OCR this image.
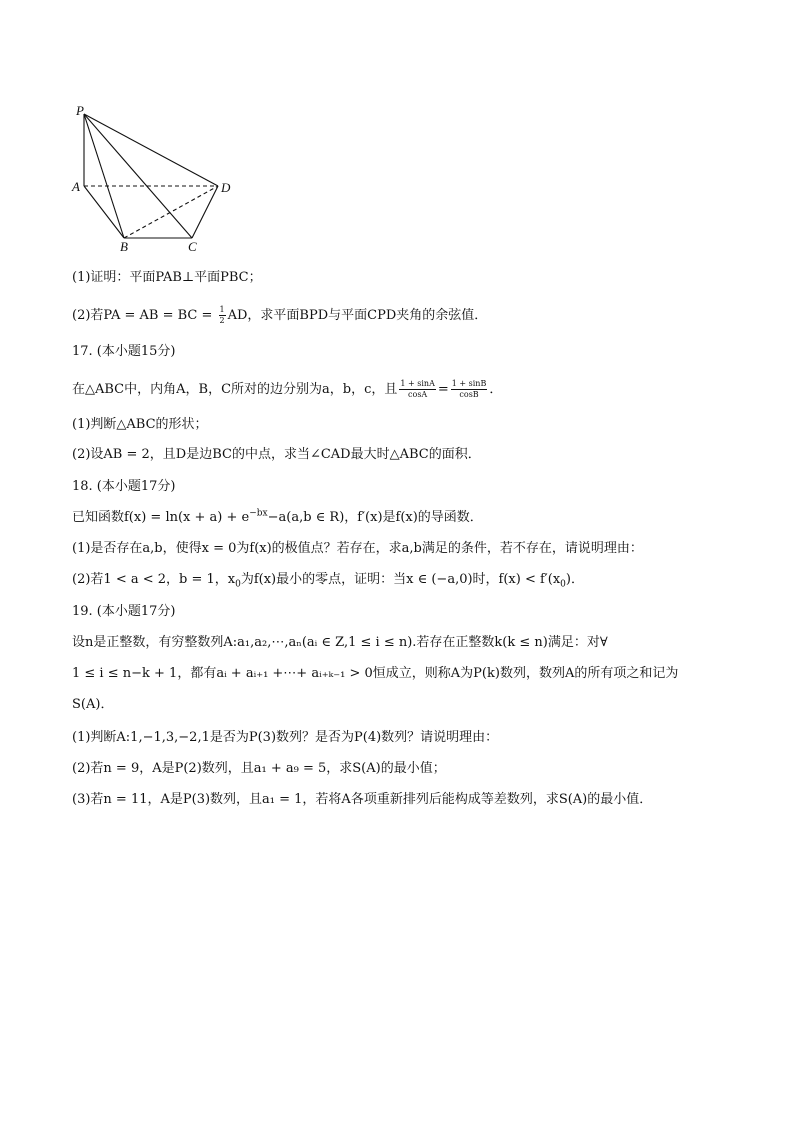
P
A	D
B	C
(1)证明：平面PAB⊥平面PBC；
(2)若PA = AB = BC = $\frac{1}{2}$ AD，求平面BPD与平面CPD夹角的余弦值．
17. (本小题15分)
在△ABC中，内角A，B，C所对的边分别为a，b，c，且 $\frac{1 + \sin A}{\cos A} = \frac{1 + \sin B}{\cos B}$ ．
(1)判断△ABC的形状；
(2)设AB = 2，且D是边BC的中点，求当∠CAD最大时△ABC的面积．
18. (本小题17分)
已知函数$f(x) = \ln(x + a) + e^{-bx}-a(a,b$ ∈ R)，f′(x)是f(x)的导函数．
(1)是否存在a,b，使得x = 0为f(x)的极值点？若存在，求a,b满足的条件，若不存在，请说明理由：
(2)若1 < a < 2，b = 1，$x_0$为f(x)最小的零点，证明：当x ∈ (−a,0)时，$f(x) < f'(x_0)$．
19. (本小题17分)
设n是正整数，有穷整数列A:a₁,a₂,⋯,aₙ(aᵢ ∈ Z,1 ≤ i ≤ n).若存在正整数k(k ≤ n)满足：对∀
1 ≤ i ≤ n−k + 1，都有aᵢ + aᵢ₊₁ +⋯+ aᵢ₊ₖ₋₁ > 0恒成立，则称A为P(k)数列，数列A的所有项之和记为
S(A)．
(1)判断A:1,−1,3,−2,1是否为P(3)数列？是否为P(4)数列？请说明理由：
(2)若n = 9，A是P(2)数列，且a₁ + a₉ = 5，求S(A)的最小值；
(3)若n = 11，A是P(3)数列，且a₁ = 1，若将A各项重新排列后能构成等差数列，求S(A)的最小值．
